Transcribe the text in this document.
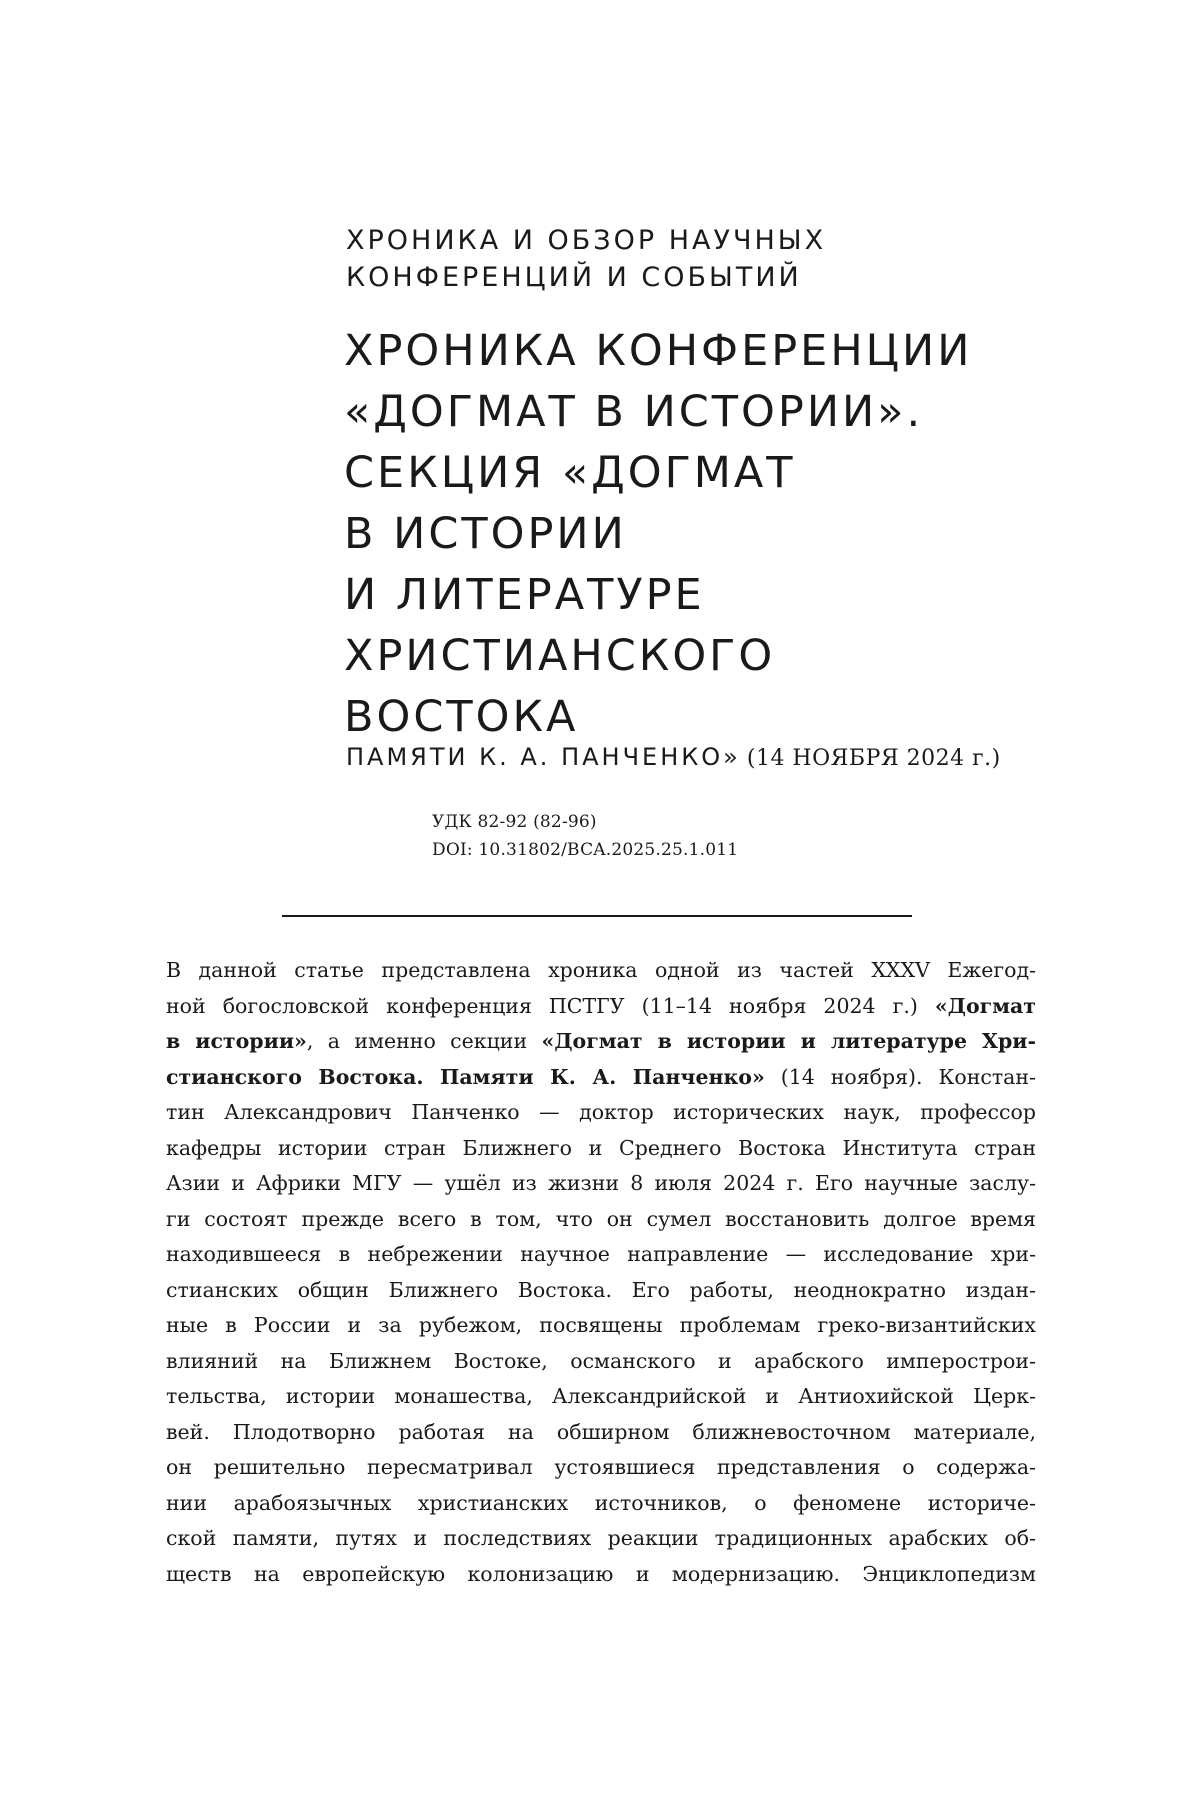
ХРОНИКА И ОБЗОР НАУЧНЫХ
КОНФЕРЕНЦИЙ И СОБЫТИЙ
ХРОНИКА КОНФЕРЕНЦИИ
«ДОГМАТ В ИСТОРИИ».
СЕКЦИЯ «ДОГМАТ
В ИСТОРИИ
И ЛИТЕРАТУРЕ
ХРИСТИАНСКОГО
ВОСТОКА
ПАМЯТИ К. А. ПАНЧЕНКО» (14 НОЯБРЯ 2024 г.)
УДК 82-92 (82-96)
DOI: 10.31802/BCA.2025.25.1.011
В данной статье представлена хроника одной из частей XXXV Ежегод-
ной богословской конференция ПСТГУ (11–14 ноября 2024 г.) «Догмат
в истории», а именно секции «Догмат в истории и литературе Хри-
стианского Востока. Памяти К. А. Панченко» (14 ноября). Констан-
тин Александрович Панченко — доктор исторических наук, профессор
кафедры истории стран Ближнего и Среднего Востока Института стран
Азии и Африки МГУ — ушёл из жизни 8 июля 2024 г. Его научные заслу-
ги состоят прежде всего в том, что он сумел восстановить долгое время
находившееся в небрежении научное направление — исследование хри-
стианских общин Ближнего Востока. Его работы, неоднократно издан-
ные в России и за рубежом, посвящены проблемам греко-византийских
влияний на Ближнем Востоке, османского и арабского имперострои-
тельства, истории монашества, Александрийской и Антиохийской Церк-
вей. Плодотворно работая на обширном ближневосточном материале,
он решительно пересматривал устоявшиеся представления о содержа-
нии арабоязычных христианских источников, о феномене историче-
ской памяти, путях и последствиях реакции традиционных арабских об-
ществ на европейскую колонизацию и модернизацию. Энциклопедизм
